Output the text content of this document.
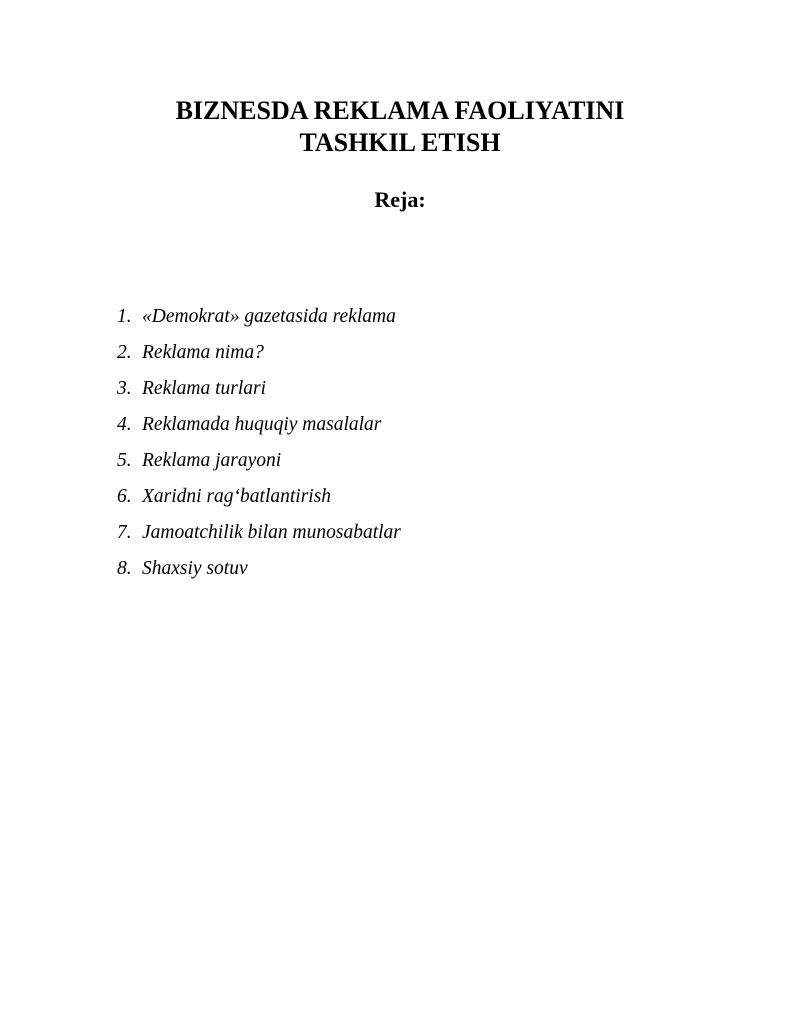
BIZNESDA REKLAMA FAOLIYATINI
TASHKIL ETISH
Reja:
1. «Demokrat» gazetasida reklama
2. Reklama nima?
3. Reklama turlari
4. Reklamada huquqiy masalalar
5. Reklama jarayoni
6. Xaridni rag‘batlantirish
7. Jamoatchilik bilan munosabatlar
8. Shaxsiy sotuv
